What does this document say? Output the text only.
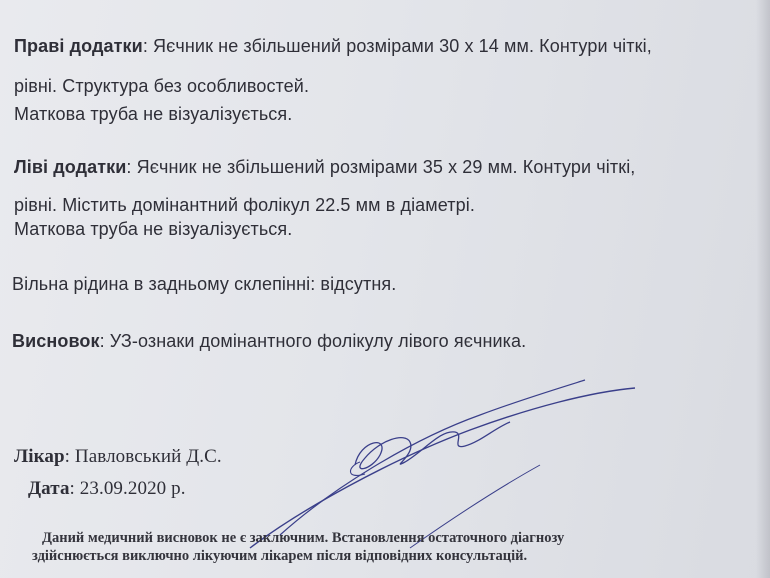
Праві додатки: Яєчник не збільшений розмірами 30 х 14 мм. Контури чіткі,
рівні. Структура без особливостей.
Маткова труба не візуалізується.
Ліві додатки: Яєчник не збільшений розмірами 35 х 29 мм. Контури чіткі,
рівні. Містить домінантний фолікул 22.5 мм в діаметрі.
Маткова труба не візуалізується.
Вільна рідина в задньому склепінні: відсутня.
Висновок: УЗ-ознаки домінантного фолікулу лівого яєчника.
Лікар: Павловський Д.С.
Дата: 23.09.2020 р.
Даний медичний висновок не є заключним. Встановлення остаточного діагнозу
здійснюється виключно лікуючим лікарем після відповідних консультацій.
